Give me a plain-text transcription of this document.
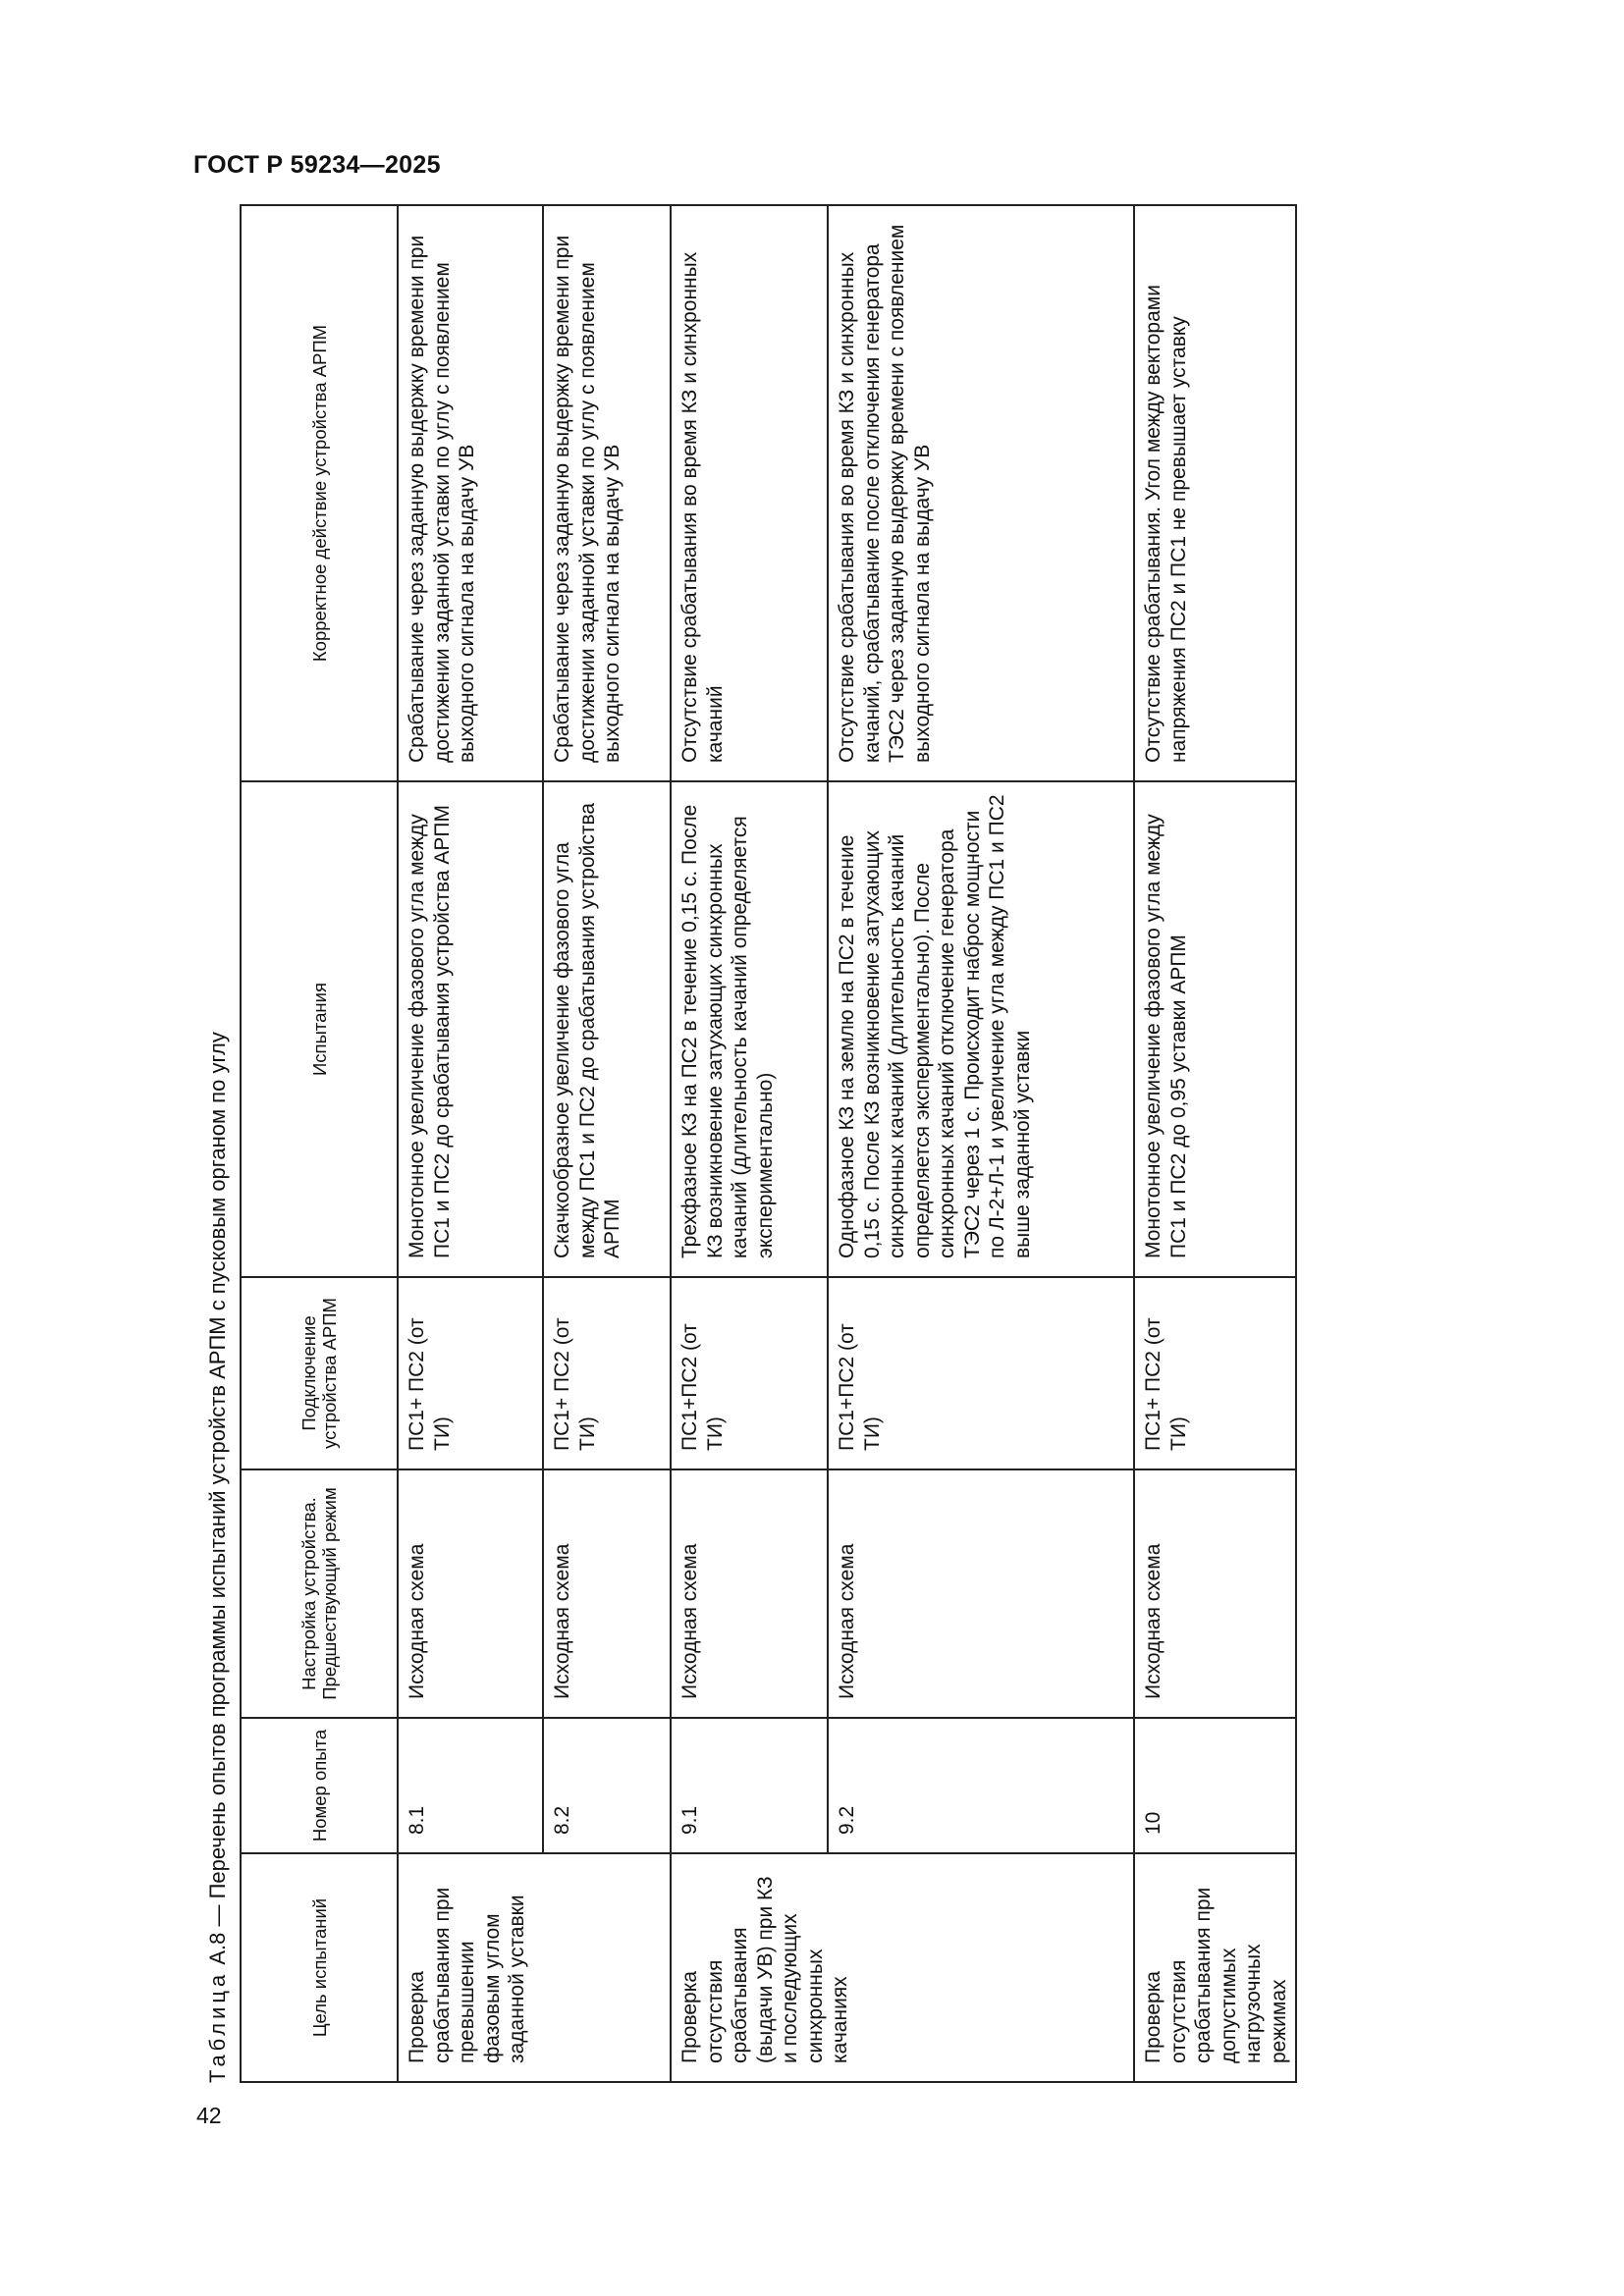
ГОСТ Р 59234—2025
42
Таблица А.8 — Перечень опытов программы испытаний устройств АРПМ с пусковым органом по углу	Цель испытаний	Номер опыта	Настройка устройства. Предшествующий режим	Подключение устройства АРПМ	Испытания	Корректное действие устройства АРПМ
Проверка срабатывания при превышении фазовым углом заданной уставки	8.1	Исходная схема	ПС1+ ПС2 (от ТИ)	Монотонное увеличение фазового угла между ПС1 и ПС2 до срабатывания устройства АРПМ	Срабатывание через заданную выдержку времени при достижении заданной уставки по углу с появлением выходного сигнала на выдачу УВ
	8.2	Исходная схема	ПС1+ ПС2 (от ТИ)	Скачкообразное увеличение фазового угла между ПС1 и ПС2 до срабатывания устройства АРПМ	Срабатывание через заданную выдержку времени при достижении заданной уставки по углу с появлением выходного сигнала на выдачу УВ
Проверка отсутствия срабатывания (выдачи УВ) при КЗ и последующих синхронных качаниях	9.1	Исходная схема	ПС1+ПС2 (от ТИ)	Трехфазное КЗ на ПС2 в течение 0,15 с. После КЗ возникновение затухающих синхронных качаний (длительность качаний определяется экспериментально)	Отсутствие срабатывания во время КЗ и синхронных качаний
	9.2	Исходная схема	ПС1+ПС2 (от ТИ)	Однофазное КЗ на землю на ПС2 в течение 0,15 с. После КЗ возникновение затухающих синхронных качаний (длительность качаний определяется экспериментально). После синхронных качаний отключение генератора ТЭС2 через 1 с. Происходит наброс мощности по Л-2+Л-1 и увеличение угла между ПС1 и ПС2 выше заданной уставки	Отсутствие срабатывания во время КЗ и синхронных качаний, срабатывание после отключения генератора ТЭС2 через заданную выдержку времени с появлением выходного сигнала на выдачу УВ
Проверка отсутствия срабатывания при допустимых нагрузочных режимах	10	Исходная схема	ПС1+ ПС2 (от ТИ)	Монотонное увеличение фазового угла между ПС1 и ПС2 до 0,95 уставки АРПМ	Отсутствие срабатывания. Угол между векторами напряжения ПС2 и ПС1 не превышает уставку
